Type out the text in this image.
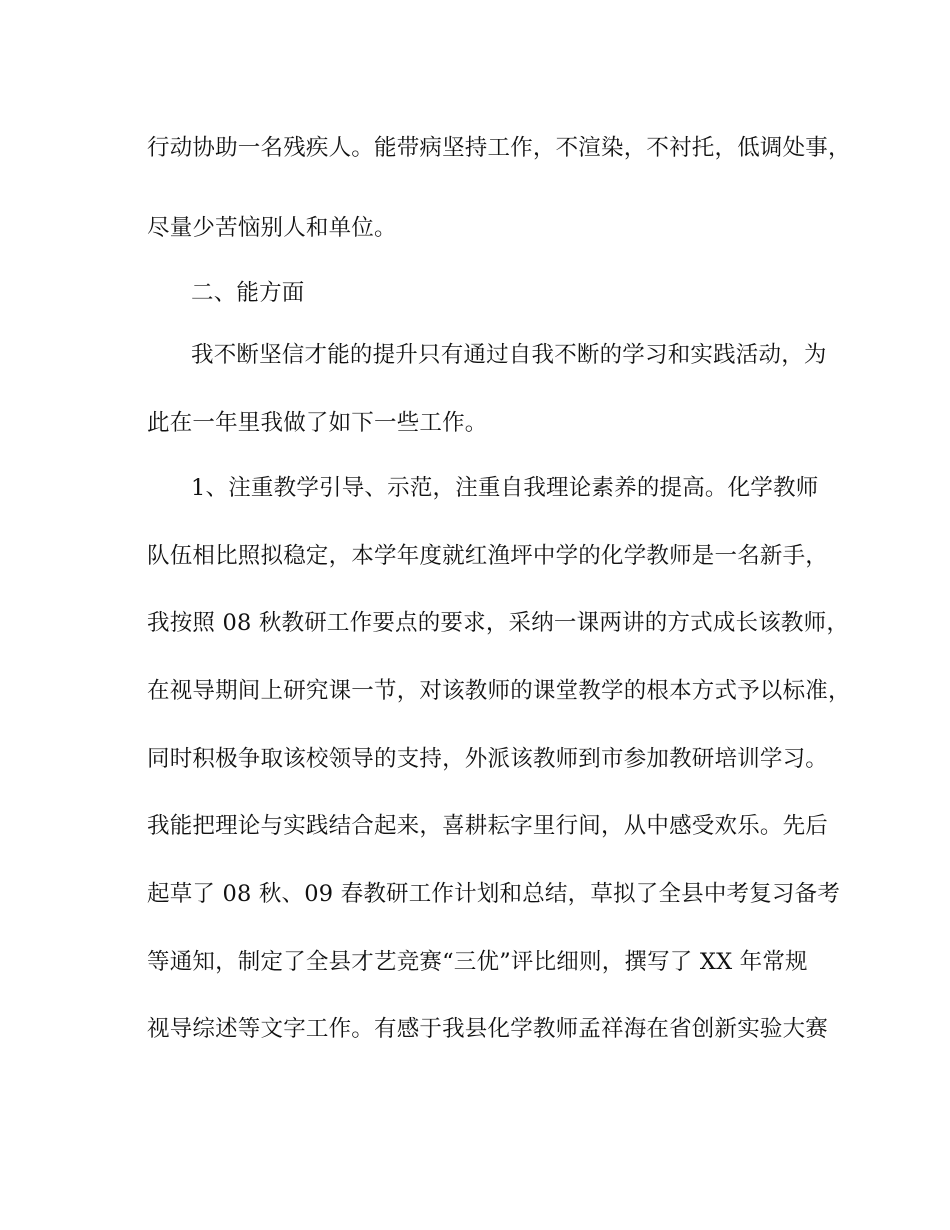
行动协助一名残疾人。能带病坚持工作，不渲染，不衬托，低调处事，
尽量少苦恼别人和单位。
二、能方面
我不断坚信才能的提升只有通过自我不断的学习和实践活动，为
此在一年里我做了如下一些工作。
1、注重教学引导、示范，注重自我理论素养的提高。化学教师
队伍相比照拟稳定，本学年度就红渔坪中学的化学教师是一名新手，
我按照 08 秋教研工作要点的要求，采纳一课两讲的方式成长该教师，
在视导期间上研究课一节，对该教师的课堂教学的根本方式予以标准，
同时积极争取该校领导的支持，外派该教师到市参加教研培训学习。
我能把理论与实践结合起来，喜耕耘字里行间，从中感受欢乐。先后
起草了 08 秋、09 春教研工作计划和总结，草拟了全县中考复习备考
等通知，制定了全县才艺竞赛“三优”评比细则，撰写了 XX 年常规
视导综述等文字工作。有感于我县化学教师孟祥海在省创新实验大赛
